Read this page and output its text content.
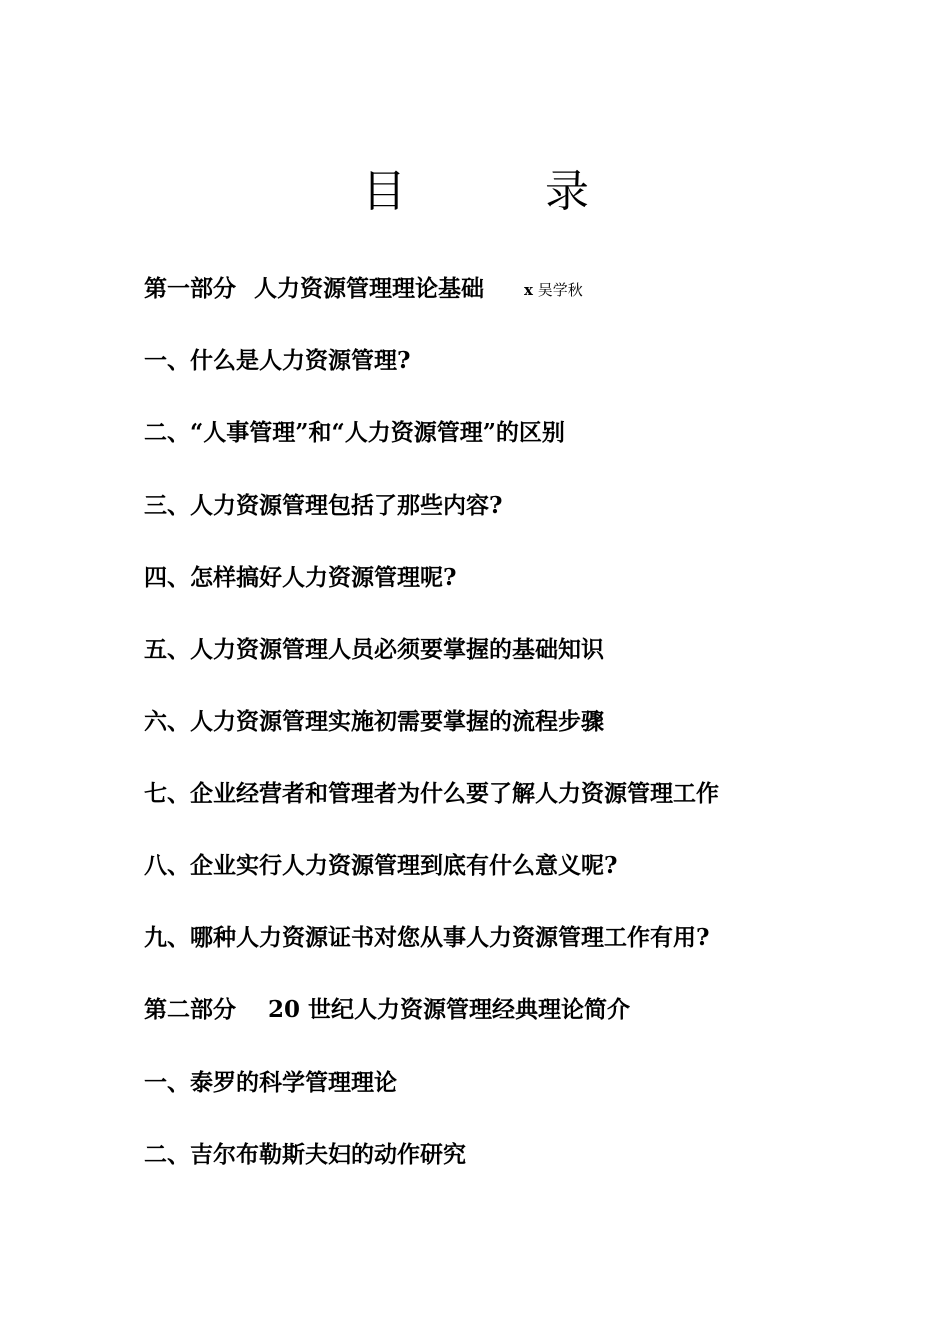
目	录
第一部分 人力资源管理理论基础	x 吴学秋
一、什么是人力资源管理?
二、“人事管理”和“人力资源管理”的区别
三、人力资源管理包括了那些内容?
四、怎样搞好人力资源管理呢?
五、人力资源管理人员必须要掌握的基础知识
六、人力资源管理实施初需要掌握的流程步骤
七、企业经营者和管理者为什么要了解人力资源管理工作
八、企业实行人力资源管理到底有什么意义呢?
九、哪种人力资源证书对您从事人力资源管理工作有用?
第二部分 20 世纪人力资源管理经典理论简介
一、泰罗的科学管理理论
二、吉尔布勒斯夫妇的动作研究
